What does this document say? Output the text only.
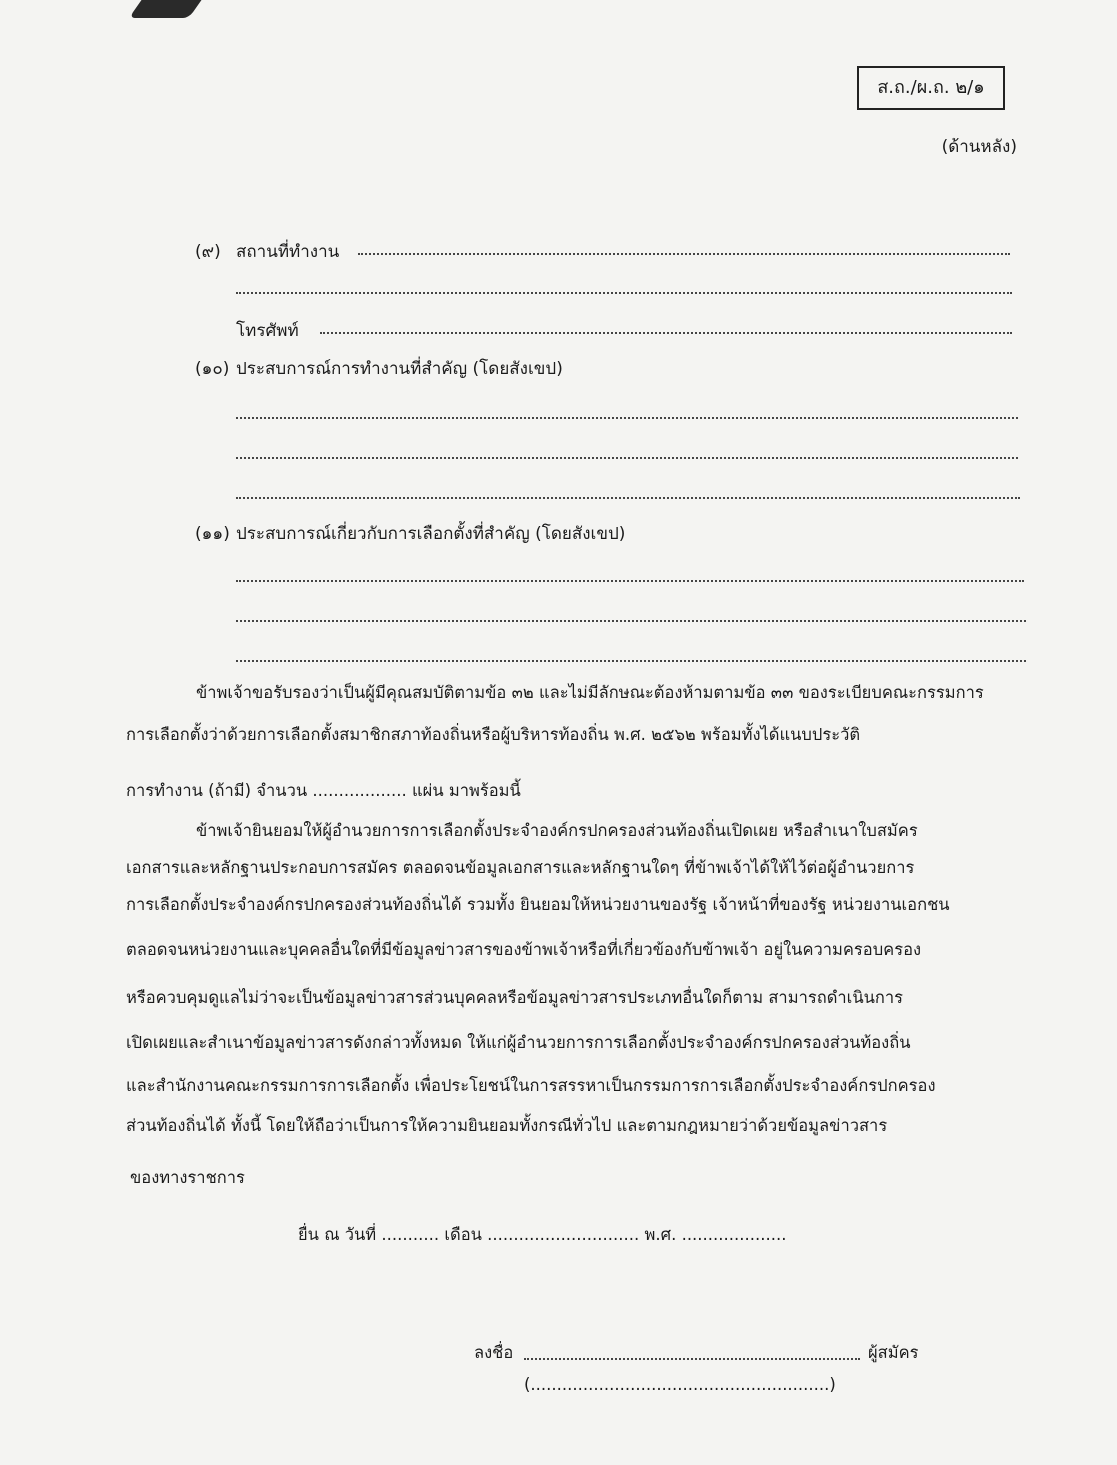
ส.ถ./ผ.ถ. ๒/๑
(ด้านหลัง)
(๙) สถานที่ทำงาน
โทรศัพท์
(๑๐) ประสบการณ์การทำงานที่สำคัญ (โดยสังเขป)
(๑๑) ประสบการณ์เกี่ยวกับการเลือกตั้งที่สำคัญ (โดยสังเขป)
ข้าพเจ้าขอรับรองว่าเป็นผู้มีคุณสมบัติตามข้อ ๓๒ และไม่มีลักษณะต้องห้ามตามข้อ ๓๓ ของระเบียบคณะกรรมการ
การเลือกตั้งว่าด้วยการเลือกตั้งสมาชิกสภาท้องถิ่นหรือผู้บริหารท้องถิ่น พ.ศ. ๒๕๖๒ พร้อมทั้งได้แนบประวัติ
การทำงาน (ถ้ามี) จำนวน .................. แผ่น มาพร้อมนี้
ข้าพเจ้ายินยอมให้ผู้อำนวยการการเลือกตั้งประจำองค์กรปกครองส่วนท้องถิ่นเปิดเผย หรือสำเนาใบสมัคร
เอกสารและหลักฐานประกอบการสมัคร ตลอดจนข้อมูลเอกสารและหลักฐานใดๆ ที่ข้าพเจ้าได้ให้ไว้ต่อผู้อำนวยการ
การเลือกตั้งประจำองค์กรปกครองส่วนท้องถิ่นได้ รวมทั้ง ยินยอมให้หน่วยงานของรัฐ เจ้าหน้าที่ของรัฐ หน่วยงานเอกชน
ตลอดจนหน่วยงานและบุคคลอื่นใดที่มีข้อมูลข่าวสารของข้าพเจ้าหรือที่เกี่ยวข้องกับข้าพเจ้า อยู่ในความครอบครอง
หรือควบคุมดูแลไม่ว่าจะเป็นข้อมูลข่าวสารส่วนบุคคลหรือข้อมูลข่าวสารประเภทอื่นใดก็ตาม สามารถดำเนินการ
เปิดเผยและสำเนาข้อมูลข่าวสารดังกล่าวทั้งหมด ให้แก่ผู้อำนวยการการเลือกตั้งประจำองค์กรปกครองส่วนท้องถิ่น
และสำนักงานคณะกรรมการการเลือกตั้ง เพื่อประโยชน์ในการสรรหาเป็นกรรมการการเลือกตั้งประจำองค์กรปกครอง
ส่วนท้องถิ่นได้ ทั้งนี้ โดยให้ถือว่าเป็นการให้ความยินยอมทั้งกรณีทั่วไป และตามกฎหมายว่าด้วยข้อมูลข่าวสาร
ของทางราชการ
ยื่น ณ วันที่ ........... เดือน ............................. พ.ศ. ....................
ลงชื่อ	ผู้สมัคร
(.........................................................)
